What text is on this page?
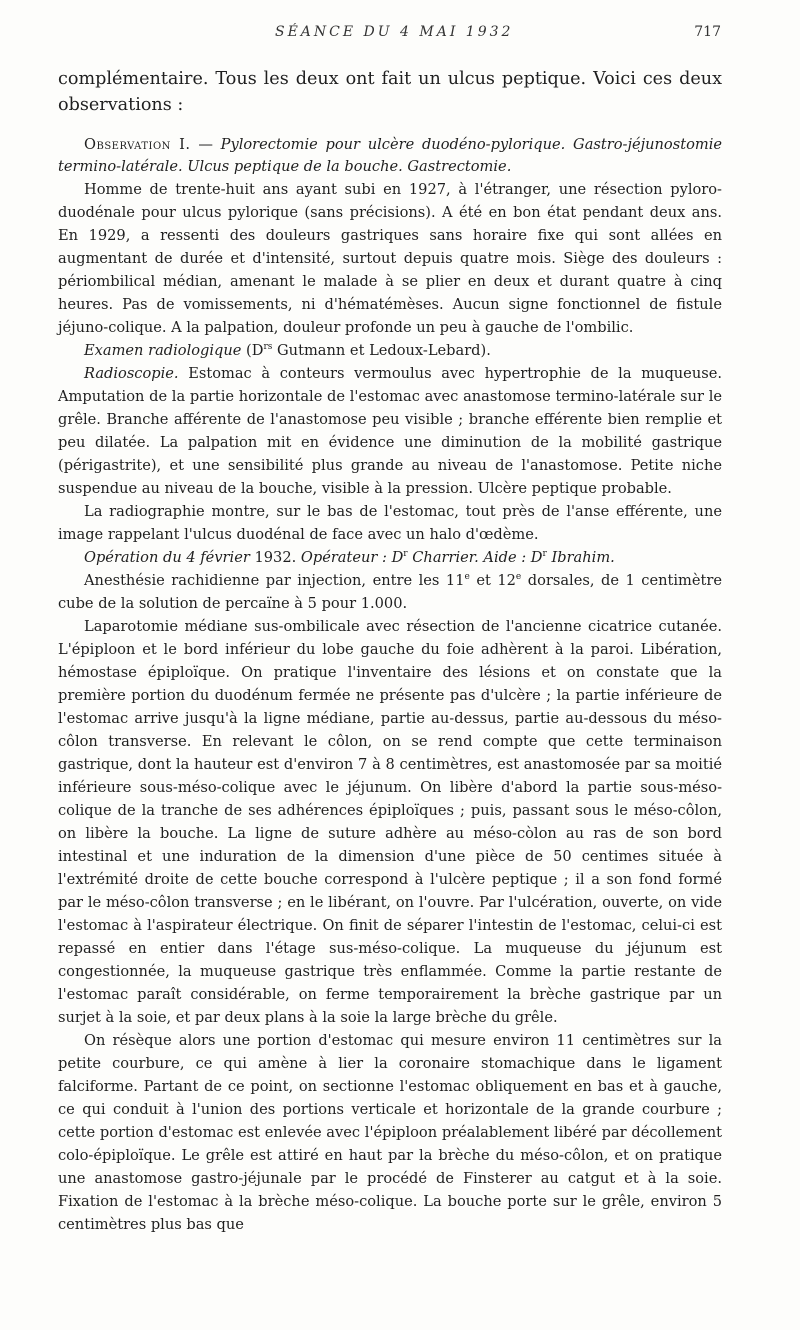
SÉANCE DU 4 MAI 1932	717

complémentaire. Tous les deux ont fait un ulcus peptique. Voici ces deux observations :

Observation I. — Pylorectomie pour ulcère duodéno-pylorique. Gastro-jéjunostomie termino-latérale. Ulcus peptique de la bouche. Gastrectomie.

Homme de trente-huit ans ayant subi en 1927, à l'étranger, une résection pyloro-duodénale pour ulcus pylorique (sans précisions). A été en bon état pendant deux ans. En 1929, a ressenti des douleurs gastriques sans horaire fixe qui sont allées en augmentant de durée et d'intensité, surtout depuis quatre mois. Siège des douleurs : périombilical médian, amenant le malade à se plier en deux et durant quatre à cinq heures. Pas de vomissements, ni d'hématémèses. Aucun signe fonctionnel de fistule jéjuno-colique. A la palpation, douleur profonde un peu à gauche de l'ombilic.

Examen radiologique ($D^{rs}$ Gutmann et Ledoux-Lebard).

Radioscopie. Estomac à conteurs vermoulus avec hypertrophie de la muqueuse. Amputation de la partie horizontale de l'estomac avec anastomose termino-latérale sur le grêle. Branche afférente de l'anastomose peu visible ; branche efférente bien remplie et peu dilatée. La palpation mit en évidence une diminution de la mobilité gastrique (périgastrite), et une sensibilité plus grande au niveau de l'anastomose. Petite niche suspendue au niveau de la bouche, visible à la pression. Ulcère peptique probable.

La radiographie montre, sur le bas de l'estomac, tout près de l'anse efférente, une image rappelant l'ulcus duodénal de face avec un halo d'œdème.

Opération du 4 février 1932. Opérateur : $D^r$ Charrier. Aide : $D^r$ Ibrahim.

Anesthésie rachidienne par injection, entre les 11e et 12e dorsales, de 1 centimètre cube de la solution de percaïne à 5 pour 1.000.

Laparotomie médiane sus-ombilicale avec résection de l'ancienne cicatrice cutanée. L'épiploon et le bord inférieur du lobe gauche du foie adhèrent à la paroi. Libération, hémostase épiploïque. On pratique l'inventaire des lésions et on constate que la première portion du duodénum fermée ne présente pas d'ulcère ; la partie inférieure de l'estomac arrive jusqu'à la ligne médiane, partie au-dessus, partie au-dessous du méso-côlon transverse. En relevant le côlon, on se rend compte que cette terminaison gastrique, dont la hauteur est d'environ 7 à 8 centimètres, est anastomosée par sa moitié inférieure sous-méso-colique avec le jéjunum. On libère d'abord la partie sous-méso-colique de la tranche de ses adhérences épiploïques ; puis, passant sous le méso-côlon, on libère la bouche. La ligne de suture adhère au méso-còlon au ras de son bord intestinal et une induration de la dimension d'une pièce de 50 centimes située à l'extrémité droite de cette bouche correspond à l'ulcère peptique ; il a son fond formé par le méso-côlon transverse ; en le libérant, on l'ouvre. Par l'ulcération, ouverte, on vide l'estomac à l'aspirateur électrique. On finit de séparer l'intestin de l'estomac, celui-ci est repassé en entier dans l'étage sus-méso-colique. La muqueuse du jéjunum est congestionnée, la muqueuse gastrique très enflammée. Comme la partie restante de l'estomac paraît considérable, on ferme temporairement la brèche gastrique par un surjet à la soie, et par deux plans à la soie la large brèche du grêle.

On résèque alors une portion d'estomac qui mesure environ 11 centimètres sur la petite courbure, ce qui amène à lier la coronaire stomachique dans le ligament falciforme. Partant de ce point, on sectionne l'estomac obliquement en bas et à gauche, ce qui conduit à l'union des portions verticale et horizontale de la grande courbure ; cette portion d'estomac est enlevée avec l'épiploon préalablement libéré par décollement colo-épiploïque. Le grêle est attiré en haut par la brèche du méso-côlon, et on pratique une anastomose gastro-jéjunale par le procédé de Finsterer au catgut et à la soie. Fixation de l'estomac à la brèche méso-colique. La bouche porte sur le grêle, environ 5 centimètres plus bas que
